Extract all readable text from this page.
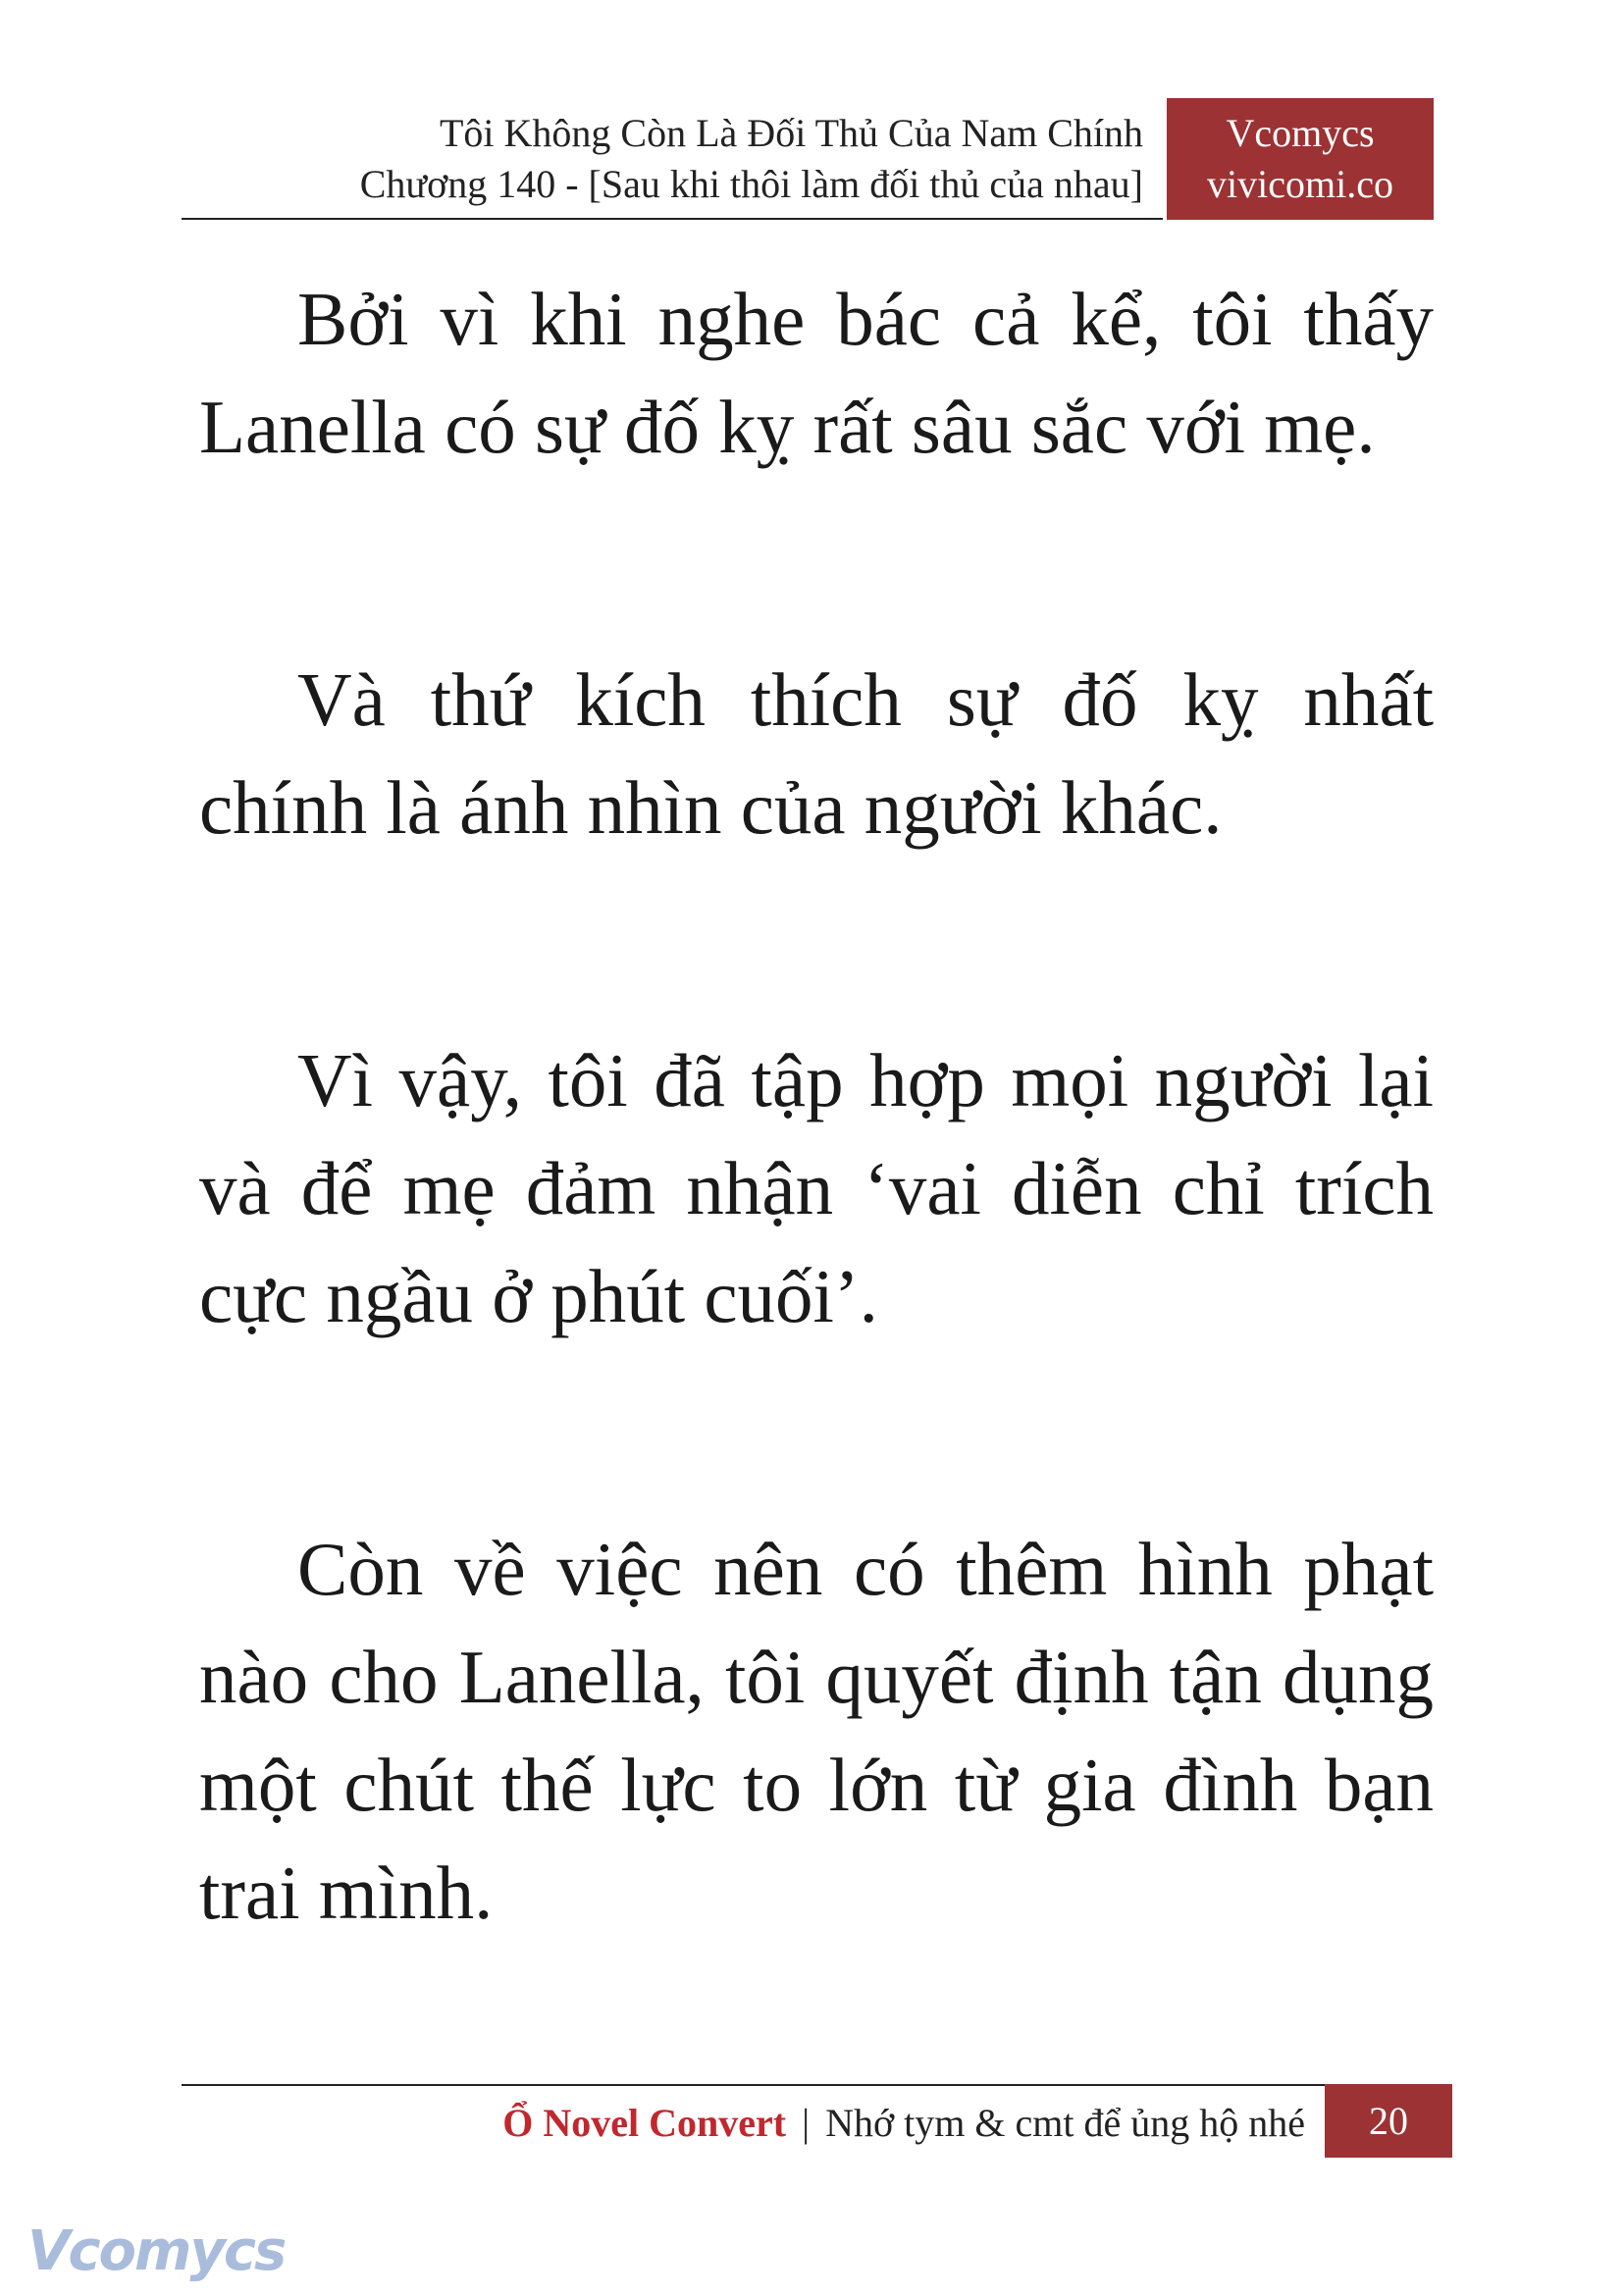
Tôi Không Còn Là Đối Thủ Của Nam Chính
Chương 140 - [Sau khi thôi làm đối thủ của nhau]
Vcomycs
vivicomi.co

Bởi vì khi nghe bác cả kể, tôi thấy Lanella có sự đố kỵ rất sâu sắc với mẹ.

Và thứ kích thích sự đố kỵ nhất chính là ánh nhìn của người khác.

Vì vậy, tôi đã tập hợp mọi người lại và để mẹ đảm nhận ‘vai diễn chỉ trích cực ngầu ở phút cuối’.

Còn về việc nên có thêm hình phạt nào cho Lanella, tôi quyết định tận dụng một chút thế lực to lớn từ gia đình bạn trai mình.

Ổ Novel Convert | Nhớ tym & cmt để ủng hộ nhé	20
Vcomycs
